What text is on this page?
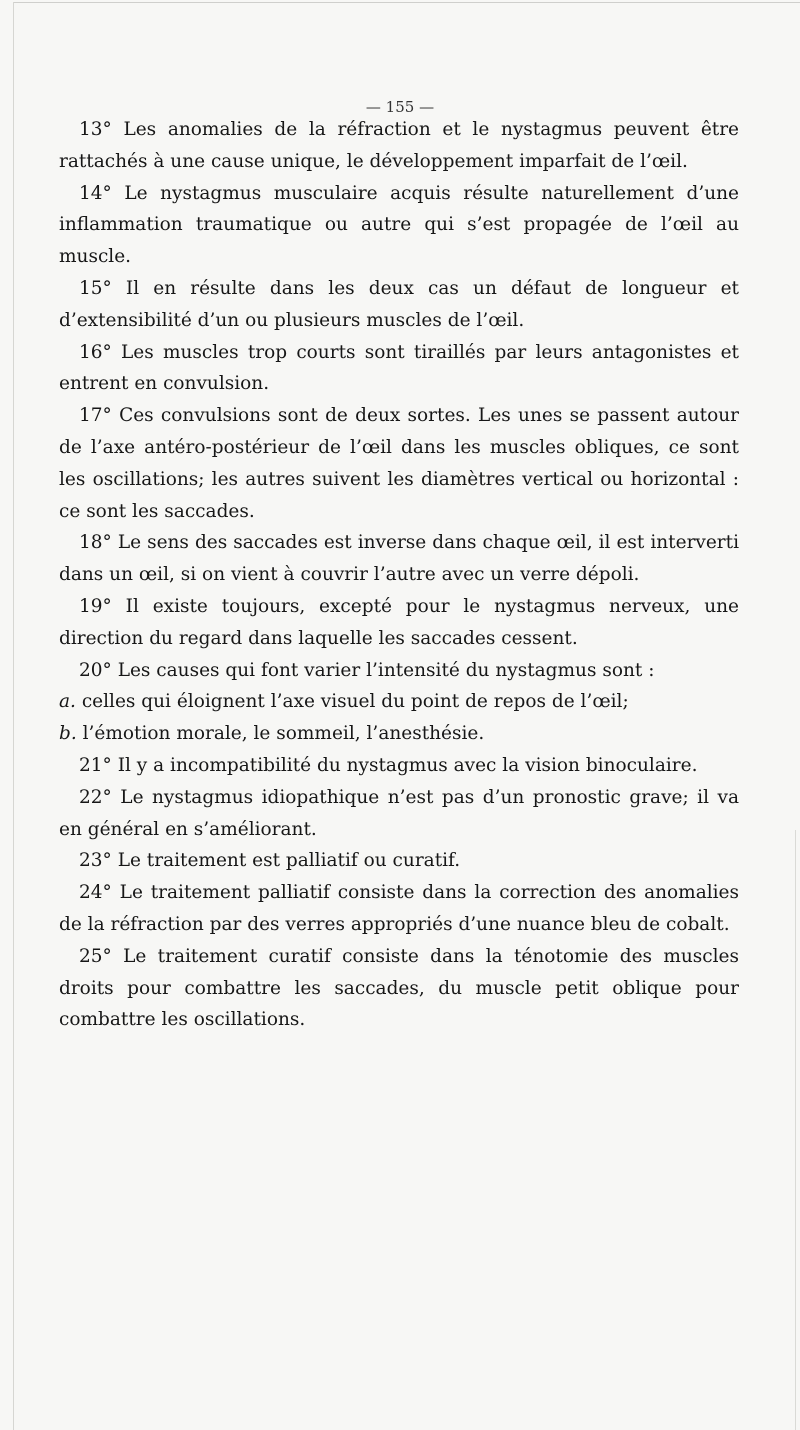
— 155 —

13° Les anomalies de la réfraction et le nystagmus peuvent être rattachés à une cause unique, le développement imparfait de l’œil.

14° Le nystagmus musculaire acquis résulte naturellement d’une inflammation traumatique ou autre qui s’est propagée de l’œil au muscle.

15° Il en résulte dans les deux cas un défaut de longueur et d’extensibilité d’un ou plusieurs muscles de l’œil.

16° Les muscles trop courts sont tiraillés par leurs antagonistes et entrent en convulsion.

17° Ces convulsions sont de deux sortes. Les unes se passent autour de l’axe antéro-postérieur de l’œil dans les muscles obliques, ce sont les oscillations; les autres suivent les diamètres vertical ou horizontal : ce sont les saccades.

18° Le sens des saccades est inverse dans chaque œil, il est interverti dans un œil, si on vient à couvrir l’autre avec un verre dépoli.

19° Il existe toujours, excepté pour le nystagmus nerveux, une direction du regard dans laquelle les saccades cessent.

20° Les causes qui font varier l’intensité du nystagmus sont :

a. celles qui éloignent l’axe visuel du point de repos de l’œil;

b. l’émotion morale, le sommeil, l’anesthésie.

21° Il y a incompatibilité du nystagmus avec la vision binoculaire.

22° Le nystagmus idiopathique n’est pas d’un pronostic grave; il va en général en s’améliorant.

23° Le traitement est palliatif ou curatif.

24° Le traitement palliatif consiste dans la correction des anomalies de la réfraction par des verres appropriés d’une nuance bleu de cobalt.

25° Le traitement curatif consiste dans la ténotomie des muscles droits pour combattre les saccades, du muscle petit oblique pour combattre les oscillations.
